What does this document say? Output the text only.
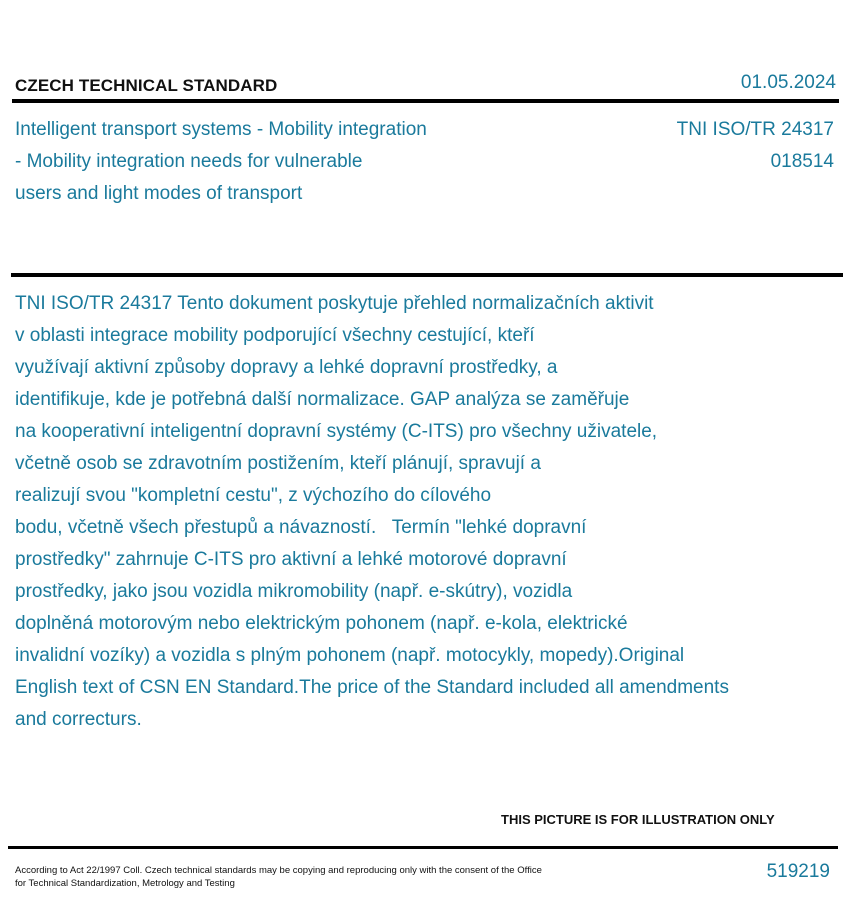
CZECH TECHNICAL STANDARD	01.05.2024
Intelligent transport systems - Mobility integration
- Mobility integration needs for vulnerable
users and light modes of transport
TNI ISO/TR 24317
018514
TNI ISO/TR 24317 Tento dokument poskytuje přehled normalizačních aktivit
v oblasti integrace mobility podporující všechny cestující, kteří
využívají aktivní způsoby dopravy a lehké dopravní prostředky, a
identifikuje, kde je potřebná další normalizace. GAP analýza se zaměřuje
na kooperativní inteligentní dopravní systémy (C-ITS) pro všechny uživatele,
včetně osob se zdravotním postižením, kteří plánují, spravují a
realizují svou "kompletní cestu", z výchozího do cílového
bodu, včetně všech přestupů a návazností.   Termín "lehké dopravní
prostředky" zahrnuje C-ITS pro aktivní a lehké motorové dopravní
prostředky, jako jsou vozidla mikromobility (např. e-skútry), vozidla
doplněná motorovým nebo elektrickým pohonem (např. e-kola, elektrické
invalidní vozíky) a vozidla s plným pohonem (např. motocykly, mopedy).Original
English text of CSN EN Standard.The price of the Standard included all amendments
and correcturs.
THIS PICTURE IS FOR ILLUSTRATION ONLY
According to Act 22/1997 Coll. Czech technical standards may be copying and reproducing only with the consent of the Office
for Technical Standardization, Metrology and Testing
519219
